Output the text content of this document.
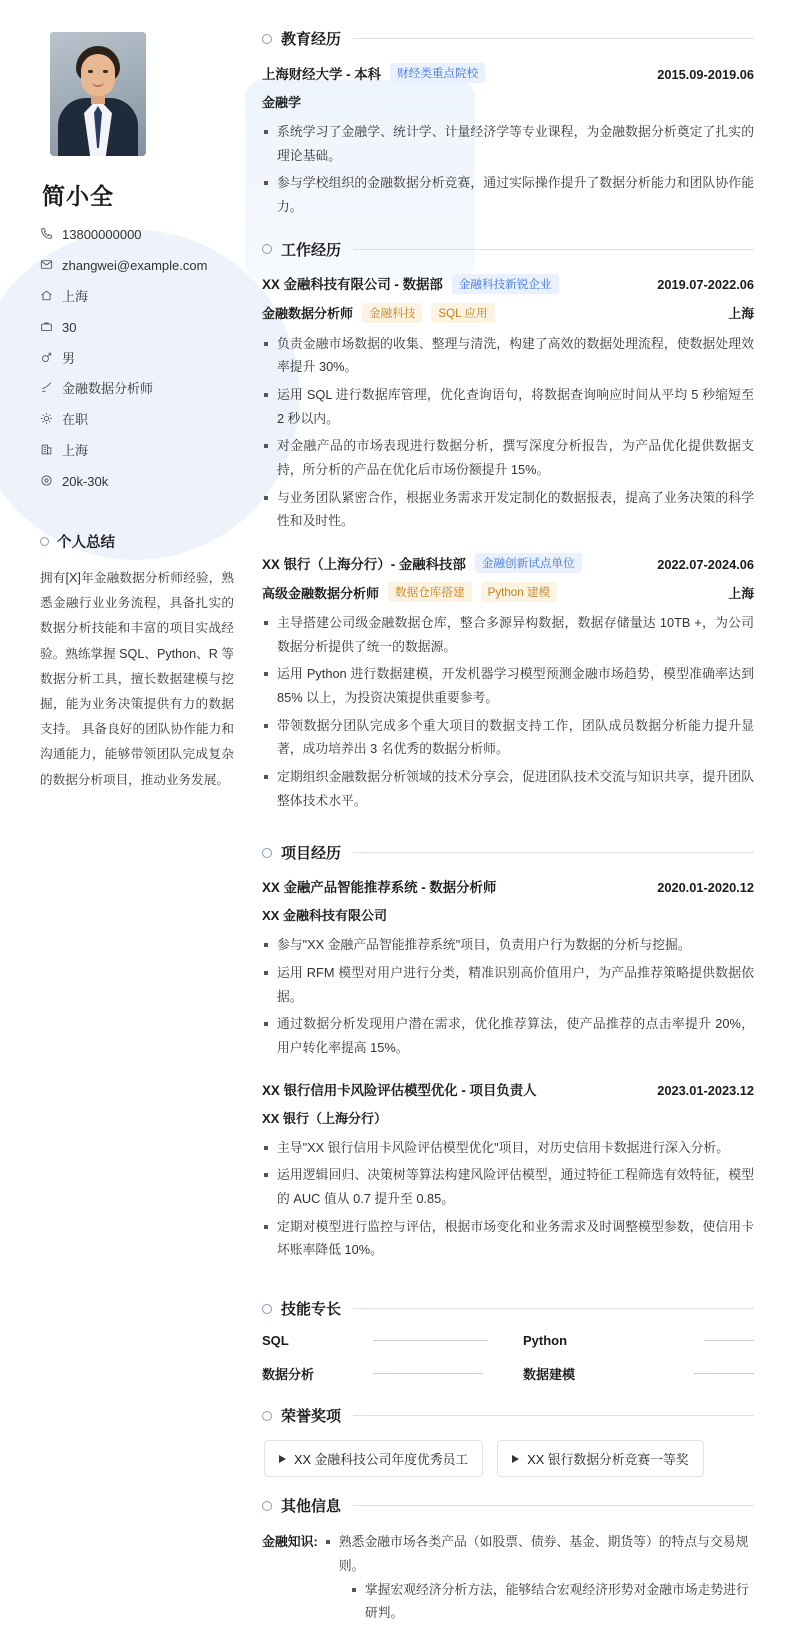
简小全
13800000000
zhangwei@example.com
上海
30
男
金融数据分析师
在职
上海
20k-30k
个人总结
拥有[X]年金融数据分析师经验，熟悉金融行业业务流程，具备扎实的数据分析技能和丰富的项目实战经验。熟练掌握 SQL、Python、R 等数据分析工具，擅长数据建模与挖掘，能为业务决策提供有力的数据支持。 具备良好的团队协作能力和沟通能力，能够带领团队完成复杂的数据分析项目，推动业务发展。
教育经历
上海财经大学 - 本科	财经类重点院校	2015.09-2019.06
金融学
系统学习了金融学、统计学、计量经济学等专业课程，为金融数据分析奠定了扎实的理论基础。
参与学校组织的金融数据分析竞赛，通过实际操作提升了数据分析能力和团队协作能力。
工作经历
XX 金融科技有限公司 - 数据部	金融科技新锐企业	2019.07-2022.06
金融数据分析师	金融科技	SQL 应用	上海
负责金融市场数据的收集、整理与清洗，构建了高效的数据处理流程，使数据处理效率提升 30%。
运用 SQL 进行数据库管理，优化查询语句，将数据查询响应时间从平均 5 秒缩短至 2 秒以内。
对金融产品的市场表现进行数据分析，撰写深度分析报告，为产品优化提供数据支持，所分析的产品在优化后市场份额提升 15%。
与业务团队紧密合作，根据业务需求开发定制化的数据报表，提高了业务决策的科学性和及时性。
XX 银行（上海分行）- 金融科技部	金融创新试点单位	2022.07-2024.06
高级金融数据分析师	数据仓库搭建	Python 建模	上海
主导搭建公司级金融数据仓库，整合多源异构数据，数据存储量达 10TB +，为公司数据分析提供了统一的数据源。
运用 Python 进行数据建模，开发机器学习模型预测金融市场趋势，模型准确率达到 85% 以上，为投资决策提供重要参考。
带领数据分团队完成多个重大项目的数据支持工作，团队成员数据分析能力提升显著，成功培养出 3 名优秀的数据分析师。
定期组织金融数据分析领域的技术分享会，促进团队技术交流与知识共享，提升团队整体技术水平。
项目经历
XX 金融产品智能推荐系统 - 数据分析师	2020.01-2020.12
XX 金融科技有限公司
参与"XX 金融产品智能推荐系统"项目，负责用户行为数据的分析与挖掘。
运用 RFM 模型对用户进行分类，精准识别高价值用户，为产品推荐策略提供数据依据。
通过数据分析发现用户潜在需求，优化推荐算法，使产品推荐的点击率提升 20%，用户转化率提高 15%。
XX 银行信用卡风险评估模型优化 - 项目负责人	2023.01-2023.12
XX 银行（上海分行）
主导"XX 银行信用卡风险评估模型优化"项目，对历史信用卡数据进行深入分析。
运用逻辑回归、决策树等算法构建风险评估模型，通过特征工程筛选有效特征，模型的 AUC 值从 0.7 提升至 0.85。
定期对模型进行监控与评估，根据市场变化和业务需求及时调整模型参数，使信用卡坏账率降低 10%。
技能专长
SQL	Python
数据分析	数据建模
荣誉奖项
XX 金融科技公司年度优秀员工	XX 银行数据分析竞赛一等奖
其他信息
金融知识:	熟悉金融市场各类产品（如股票、债券、基金、期货等）的特点与交易规则。
掌握宏观经济分析方法，能够结合宏观经济形势对金融市场走势进行研判。
